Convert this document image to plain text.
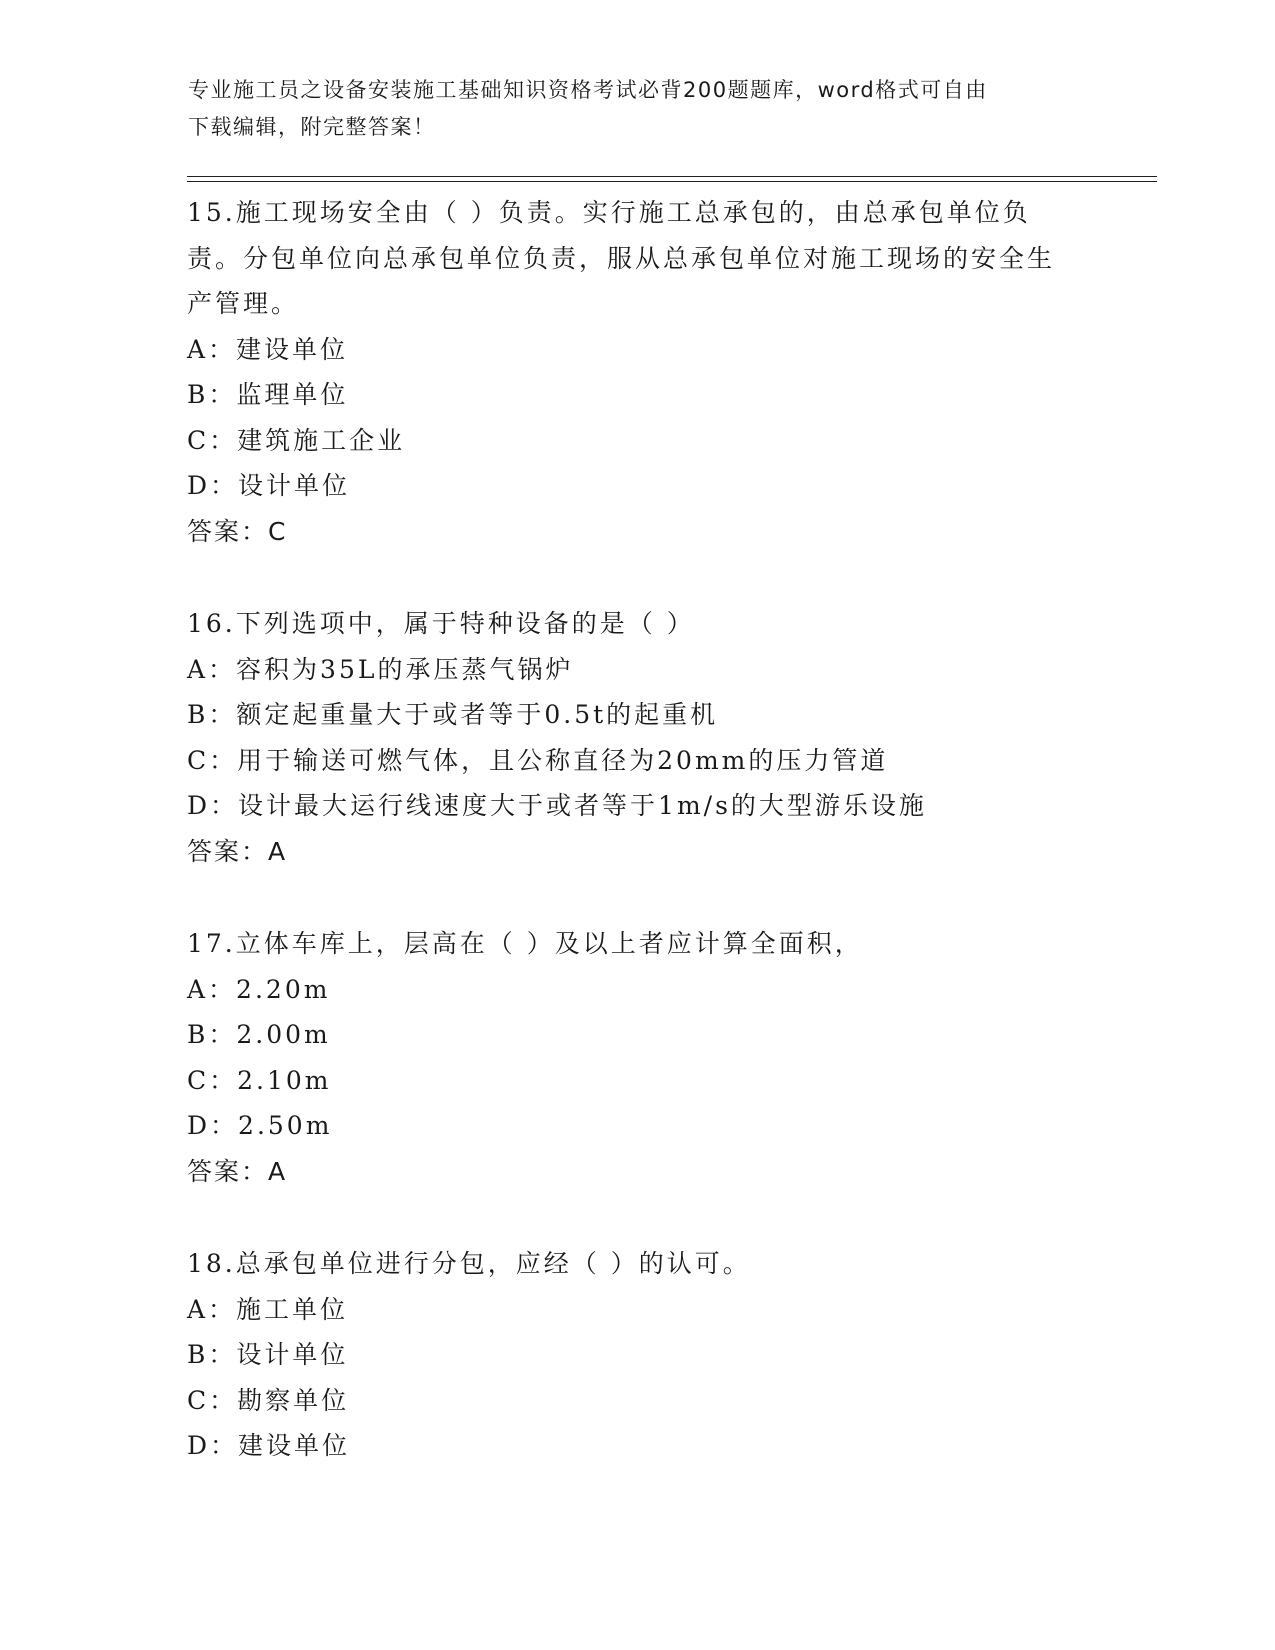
专业施工员之设备安装施工基础知识资格考试必背200题题库，word格式可自由
下载编辑，附完整答案！

15.施工现场安全由（ ）负责。实行施工总承包的，由总承包单位负责。分包单位向总承包单位负责，服从总承包单位对施工现场的安全生产管理。

A：建设单位

B：监理单位

C：建筑施工企业

D：设计单位

答案：C

16.下列选项中，属于特种设备的是（ ）

A：容积为35L的承压蒸气锅炉

B：额定起重量大于或者等于0.5t的起重机

C：用于输送可燃气体，且公称直径为20mm的压力管道

D：设计最大运行线速度大于或者等于1m/s的大型游乐设施

答案：A

17.立体车库上，层高在（ ）及以上者应计算全面积，

A：2.20m

B：2.00m

C：2.10m

D：2.50m

答案：A

18.总承包单位进行分包，应经（ ）的认可。

A：施工单位

B：设计单位

C：勘察单位

D：建设单位
